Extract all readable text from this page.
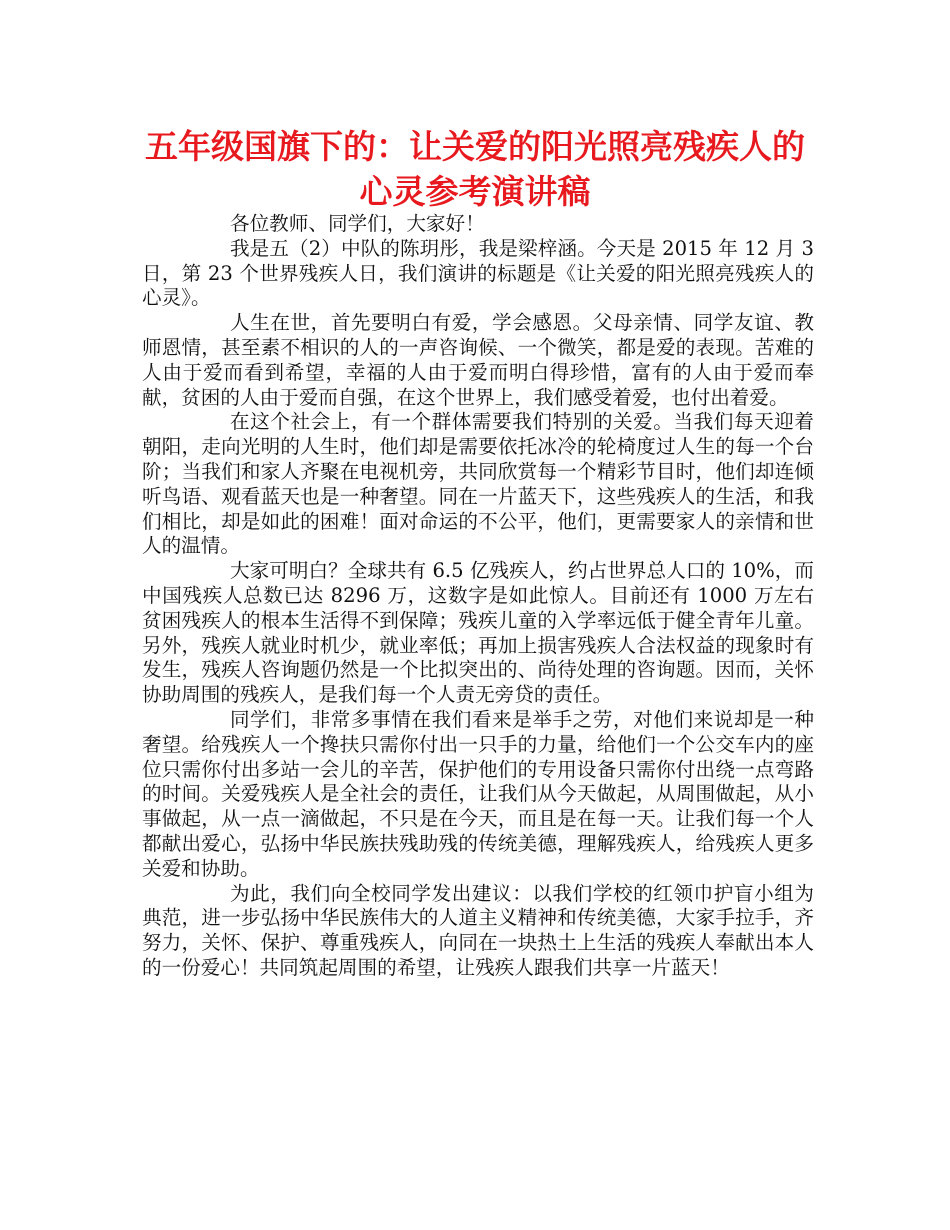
五年级国旗下的：让关爱的阳光照亮残疾人的心灵参考演讲稿

各位教师、同学们，大家好！

我是五（2）中队的陈玥彤，我是梁梓涵。今天是 2015 年 12 月 3 日，第 23 个世界残疾人日，我们演讲的标题是《让关爱的阳光照亮残疾人的心灵》。

人生在世，首先要明白有爱，学会感恩。父母亲情、同学友谊、教师恩情，甚至素不相识的人的一声咨询候、一个微笑，都是爱的表现。苦难的人由于爱而看到希望，幸福的人由于爱而明白得珍惜，富有的人由于爱而奉献，贫困的人由于爱而自强，在这个世界上，我们感受着爱，也付出着爱。

在这个社会上，有一个群体需要我们特别的关爱。当我们每天迎着朝阳，走向光明的人生时，他们却是需要依托冰冷的轮椅度过人生的每一个台阶；当我们和家人齐聚在电视机旁，共同欣赏每一个精彩节目时，他们却连倾听鸟语、观看蓝天也是一种奢望。同在一片蓝天下，这些残疾人的生活，和我们相比，却是如此的困难！面对命运的不公平，他们，更需要家人的亲情和世人的温情。

大家可明白？全球共有 6.5 亿残疾人，约占世界总人口的 10%，而中国残疾人总数已达 8296 万，这数字是如此惊人。目前还有 1000 万左右贫困残疾人的根本生活得不到保障；残疾儿童的入学率远低于健全青年儿童。另外，残疾人就业时机少，就业率低；再加上损害残疾人合法权益的现象时有发生，残疾人咨询题仍然是一个比拟突出的、尚待处理的咨询题。因而，关怀协助周围的残疾人，是我们每一个人责无旁贷的责任。

同学们，非常多事情在我们看来是举手之劳，对他们来说却是一种奢望。给残疾人一个搀扶只需你付出一只手的力量，给他们一个公交车内的座位只需你付出多站一会儿的辛苦，保护他们的专用设备只需你付出绕一点弯路的时间。关爱残疾人是全社会的责任，让我们从今天做起，从周围做起，从小事做起，从一点一滴做起，不只是在今天，而且是在每一天。让我们每一个人都献出爱心，弘扬中华民族扶残助残的传统美德，理解残疾人，给残疾人更多关爱和协助。

为此，我们向全校同学发出建议：以我们学校的红领巾护盲小组为典范，进一步弘扬中华民族伟大的人道主义精神和传统美德，大家手拉手，齐努力，关怀、保护、尊重残疾人，向同在一块热土上生活的残疾人奉献出本人的一份爱心！共同筑起周围的希望，让残疾人跟我们共享一片蓝天！
